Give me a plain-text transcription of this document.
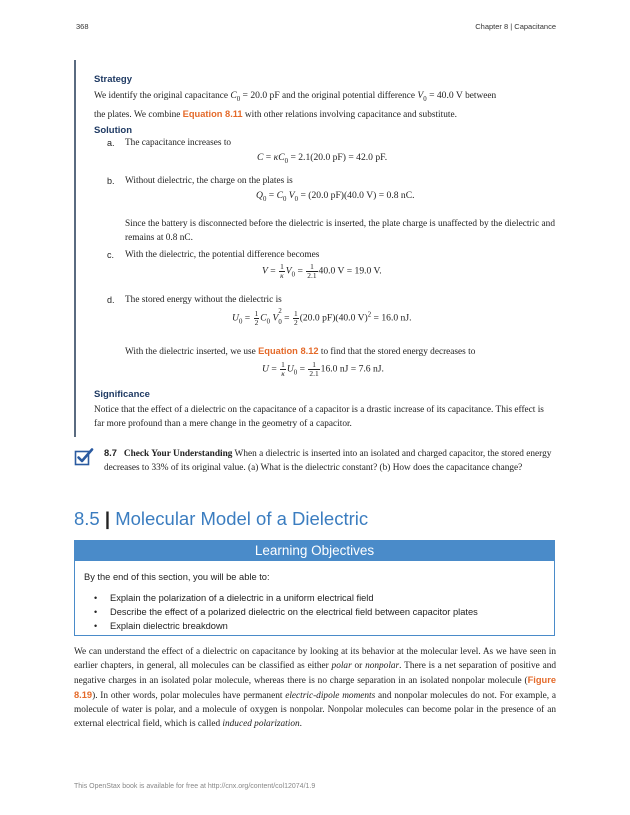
368	Chapter 8 | Capacitance
Strategy
We identify the original capacitance $C_0 = 20.0$ pF and the original potential difference $V_0 = 40.0$ V between
the plates. We combine Equation 8.11 with other relations involving capacitance and substitute.
Solution
a. The capacitance increases to
$C = \kappa C_0 = 2.1(20.0$ pF) = 42.0 pF.
b. Without dielectric, the charge on the plates is
$Q_0 = C_0$ $V_0 = (20.0$ pF)(40.0 V) = 0.8 nC.
Since the battery is disconnected before the dielectric is inserted, the plate charge is unaffected by the dielectric and remains at 0.8 nC.
c. With the dielectric, the potential difference becomes
$V = \frac{1}{\kappa} V_0 = \frac{1}{2.1} 40.0$ V = 19.0 V.
d. The stored energy without the dielectric is
$U_0 = \frac{1}{2} C_0$ V
2
$_0 = \frac{1}{2} (20.0$ pF)(40.0 V)$^2$ = 16.0 nJ.
With the dielectric inserted, we use Equation 8.12 to find that the stored energy decreases to
$U = \frac{1}{\kappa} U_0 = \frac{1}{2.1} 16.0$ nJ = 7.6 nJ.
Significance
Notice that the effect of a dielectric on the capacitance of a capacitor is a drastic increase of its capacitance. This effect is far more profound than a mere change in the geometry of a capacitor.
8.7 Check Your Understanding When a dielectric is inserted into an isolated and charged capacitor, the stored energy decreases to 33% of its original value. (a) What is the dielectric constant? (b) How does the capacitance change?
8.5 | Molecular Model of a Dielectric
Learning Objectives
By the end of this section, you will be able to:
• Explain the polarization of a dielectric in a uniform electrical field
• Describe the effect of a polarized dielectric on the electrical field between capacitor plates
• Explain dielectric breakdown
We can understand the effect of a dielectric on capacitance by looking at its behavior at the molecular level. As we have seen in earlier chapters, in general, all molecules can be classified as either polar or nonpolar. There is a net separation of positive and negative charges in an isolated polar molecule, whereas there is no charge separation in an isolated nonpolar molecule (Figure 8.19). In other words, polar molecules have permanent electric-dipole moments and nonpolar molecules do not. For example, a molecule of water is polar, and a molecule of oxygen is nonpolar. Nonpolar molecules can become polar in the presence of an external electrical field, which is called induced polarization.
This OpenStax book is available for free at http://cnx.org/content/col12074/1.9
